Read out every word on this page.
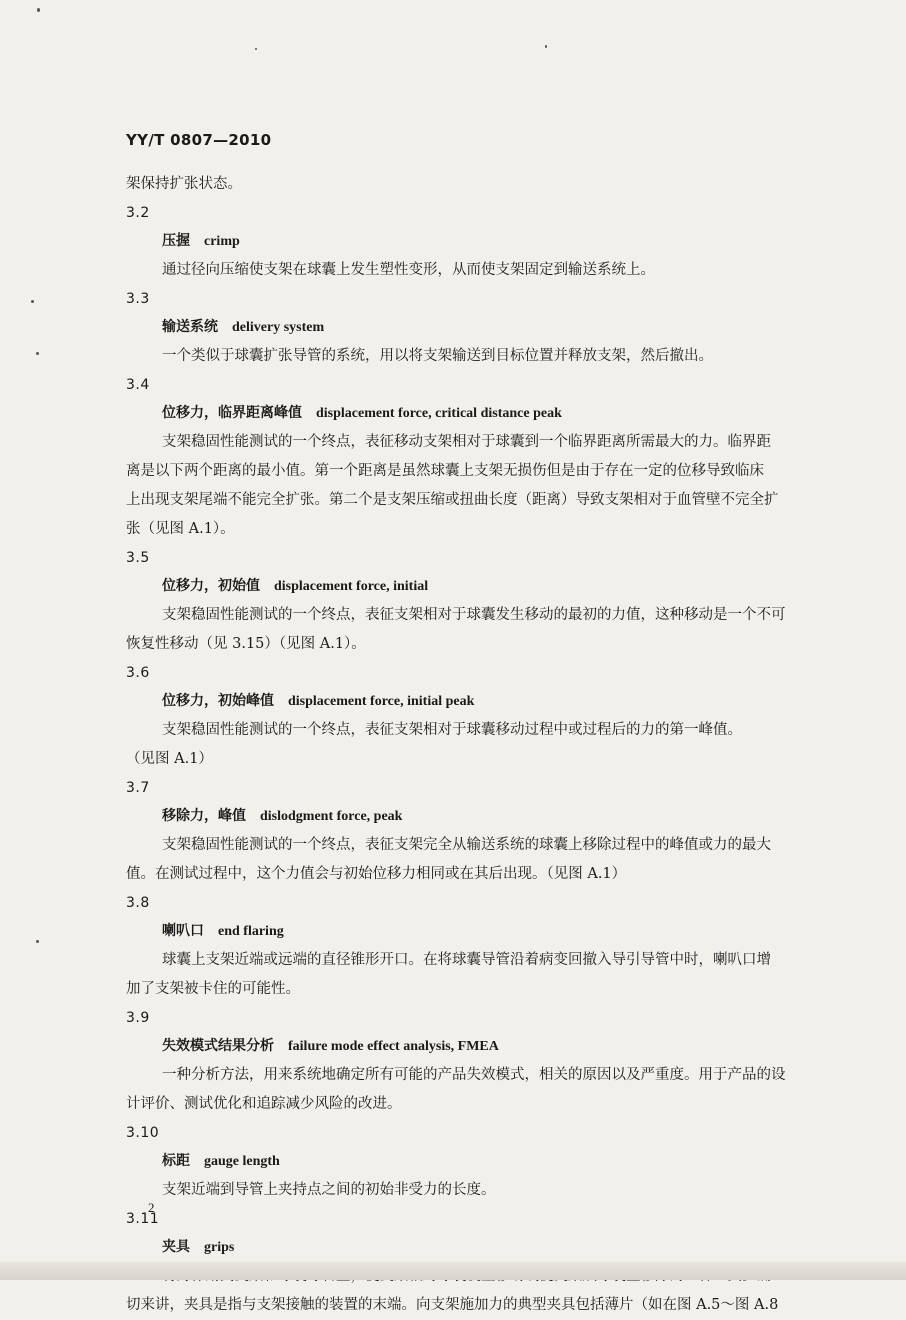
YY/T 0807—2010
架保持扩张状态。
3.2
压握 crimp
通过径向压缩使支架在球囊上发生塑性变形，从而使支架固定到输送系统上。
3.3
输送系统 delivery system
一个类似于球囊扩张导管的系统，用以将支架输送到目标位置并释放支架，然后撤出。
3.4
位移力，临界距离峰值 displacement force, critical distance peak
支架稳固性能测试的一个终点，表征移动支架相对于球囊到一个临界距离所需最大的力。临界距
离是以下两个距离的最小值。第一个距离是虽然球囊上支架无损伤但是由于存在一定的位移导致临床
上出现支架尾端不能完全扩张。第二个是支架压缩或扭曲长度（距离）导致支架相对于血管壁不完全扩
张（见图 A.1）。
3.5
位移力，初始值 displacement force, initial
支架稳固性能测试的一个终点，表征支架相对于球囊发生移动的最初的力值，这种移动是一个不可
恢复性移动（见 3.15）（见图 A.1）。
3.6
位移力，初始峰值 displacement force, initial peak
支架稳固性能测试的一个终点，表征支架相对于球囊移动过程中或过程后的力的第一峰值。
（见图 A.1）
3.7
移除力，峰值 dislodgment force, peak
支架稳固性能测试的一个终点，表征支架完全从输送系统的球囊上移除过程中的峰值或力的最大
值。在测试过程中，这个力值会与初始位移力相同或在其后出现。（见图 A.1）
3.8
喇叭口 end flaring
球囊上支架近端或远端的直径锥形开口。在将球囊导管沿着病变回撤入导引导管中时，喇叭口增
加了支架被卡住的可能性。
3.9
失效模式结果分析 failure mode effect analysis, FMEA
一种分析方法，用来系统地确定所有可能的产品失效模式，相关的原因以及严重度。用于产品的设
计评价、测试优化和追踪减少风险的改进。
3.10
标距 gauge length
支架近端到导管上夹持点之间的初始非受力的长度。
3.11
夹具 grips
切来讲，夹具是指与支架接触的装置的末端。向支架施加力的典型夹具包括薄片（如在图 A.5～图 A.8
2
